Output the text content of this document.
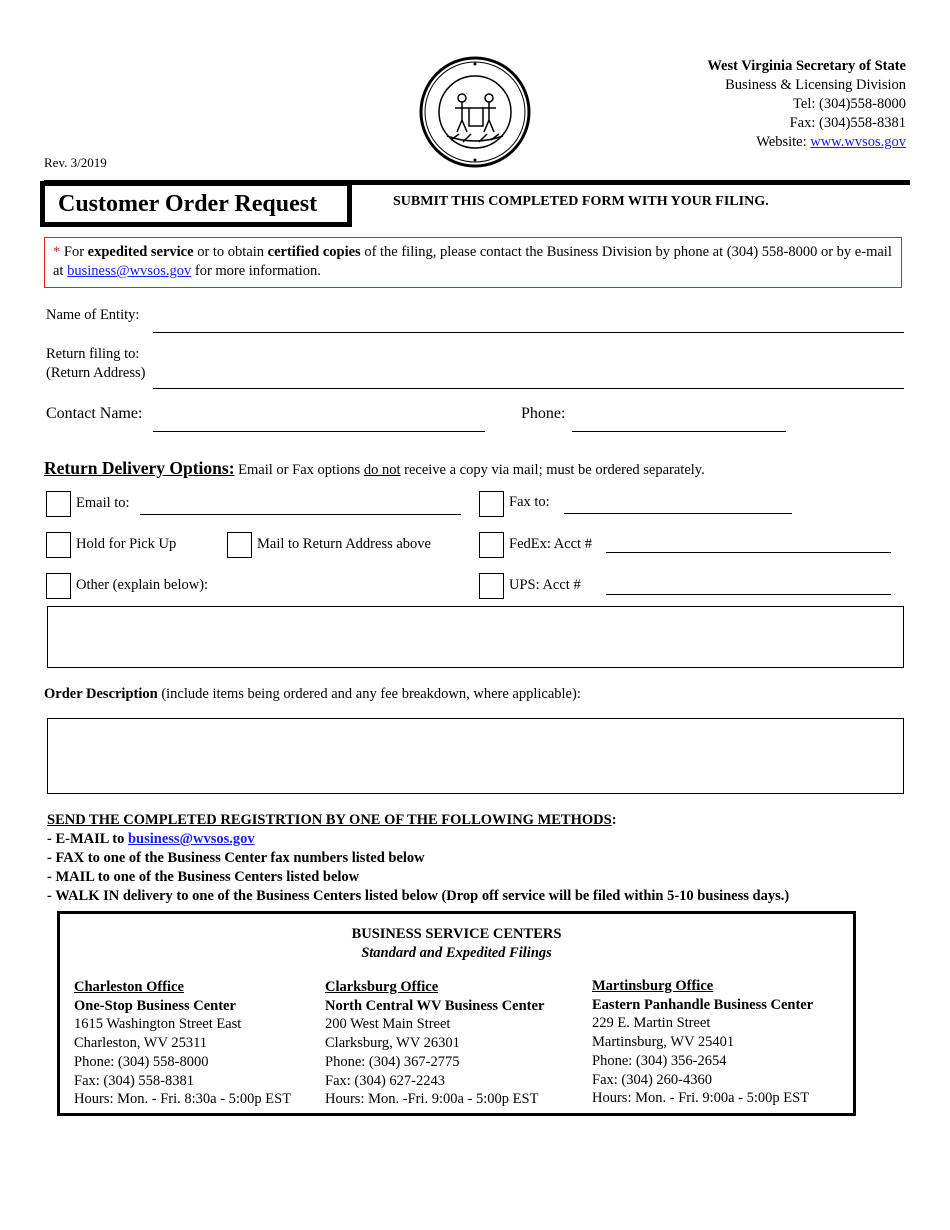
West Virginia Secretary of State
Business & Licensing Division
Tel: (304)558-8000
Fax: (304)558-8381
Website: www.wvsos.gov
Rev. 3/2019
Customer Order Request	SUBMIT THIS COMPLETED FORM WITH YOUR FILING.
* For expedited service or to obtain certified copies of the filing, please contact the Business Division by phone at (304) 558-8000 or by e-mail at business@wvsos.gov for more information.
Name of Entity:
Return filing to:
(Return Address)
Contact Name:	Phone:
Return Delivery Options: Email or Fax options do not receive a copy via mail; must be ordered separately.
Email to:	Fax to:
Hold for Pick Up	Mail to Return Address above	FedEx: Acct #
Other (explain below):	UPS: Acct #
Order Description (include items being ordered and any fee breakdown, where applicable):
SEND THE COMPLETED REGISTRTION BY ONE OF THE FOLLOWING METHODS:
- E-MAIL to business@wvsos.gov
- FAX to one of the Business Center fax numbers listed below
- MAIL to one of the Business Centers listed below
- WALK IN delivery to one of the Business Centers listed below (Drop off service will be filed within 5-10 business days.)
BUSINESS SERVICE CENTERS
Standard and Expedited Filings
Charleston Office
One-Stop Business Center
1615 Washington Street East
Charleston, WV 25311
Phone: (304) 558-8000
Fax: (304) 558-8381
Hours: Mon. - Fri. 8:30a - 5:00p EST
Clarksburg Office
North Central WV Business Center
200 West Main Street
Clarksburg, WV 26301
Phone: (304) 367-2775
Fax: (304) 627-2243
Hours: Mon. -Fri. 9:00a - 5:00p EST
Martinsburg Office
Eastern Panhandle Business Center
229 E. Martin Street
Martinsburg, WV 25401
Phone: (304) 356-2654
Fax: (304) 260-4360
Hours: Mon. - Fri. 9:00a - 5:00p EST
